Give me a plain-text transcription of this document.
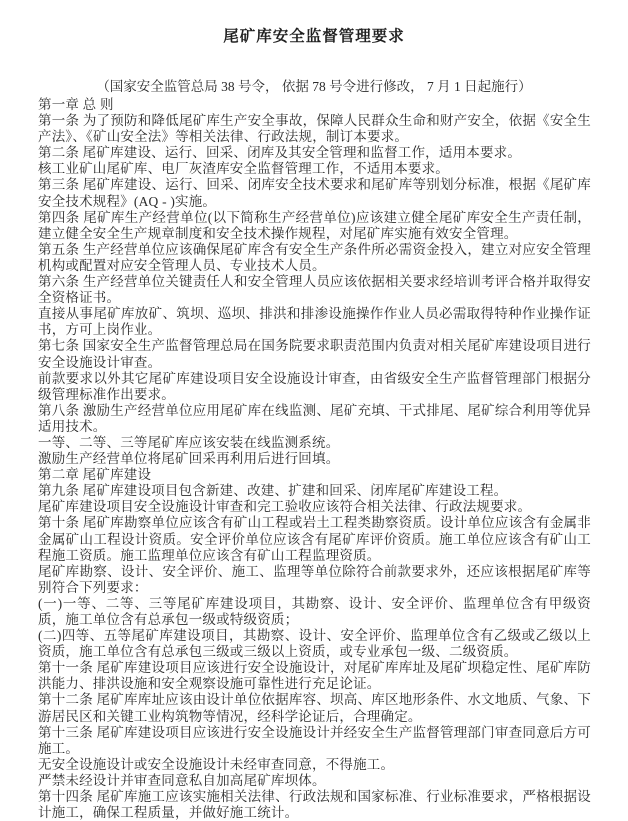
尾矿库安全监督管理要求
（国家安全监管总局 38 号令， 依据 78 号令进行修改， 7 月 1 日起施行）

第一章 总 则

第一条 为了预防和降低尾矿库生产安全事故，保障人民群众生命和财产安全，依据《安全生产法》、《矿山安全法》等相关法律、行政法规，制订本要求。

第二条 尾矿库建设、运行、回采、闭库及其安全管理和监督工作，适用本要求。

核工业矿山尾矿库、电厂灰渣库安全监督管理工作，不适用本要求。

第三条 尾矿库建设、运行、回采、闭库安全技术要求和尾矿库等别划分标准，根据《尾矿库安全技术规程》(AQ - )实施。

第四条 尾矿库生产经营单位(以下简称生产经营单位)应该建立健全尾矿库安全生产责任制，建立健全安全生产规章制度和安全技术操作规程，对尾矿库实施有效安全管理。

第五条 生产经营单位应该确保尾矿库含有安全生产条件所必需资金投入，建立对应安全管理机构或配置对应安全管理人员、专业技术人员。

第六条 生产经营单位关键责任人和安全管理人员应该依据相关要求经培训考评合格并取得安全资格证书。

直接从事尾矿库放矿、筑坝、巡坝、排洪和排渗设施操作作业人员必需取得特种作业操作证书，方可上岗作业。

第七条 国家安全生产监督管理总局在国务院要求职责范围内负责对相关尾矿库建设项目进行安全设施设计审查。

前款要求以外其它尾矿库建设项目安全设施设计审查，由省级安全生产监督管理部门根据分级管理标准作出要求。

第八条 激励生产经营单位应用尾矿库在线监测、尾矿充填、干式排尾、尾矿综合利用等优异适用技术。

一等、二等、三等尾矿库应该安装在线监测系统。

激励生产经营单位将尾矿回采再利用后进行回填。

第二章 尾矿库建设

第九条 尾矿库建设项目包含新建、改建、扩建和回采、闭库尾矿库建设工程。

尾矿库建设项目安全设施设计审查和完工验收应该符合相关法律、行政法规要求。

第十条 尾矿库勘察单位应该含有矿山工程或岩土工程类勘察资质。设计单位应该含有金属非金属矿山工程设计资质。安全评价单位应该含有尾矿库评价资质。施工单位应该含有矿山工程施工资质。施工监理单位应该含有矿山工程监理资质。

尾矿库勘察、设计、安全评价、施工、监理等单位除符合前款要求外，还应该根据尾矿库等别符合下列要求：

(一)一等、二等、三等尾矿库建设项目，其勘察、设计、安全评价、监理单位含有甲级资质，施工单位含有总承包一级或特级资质；

(二)四等、五等尾矿库建设项目，其勘察、设计、安全评价、监理单位含有乙级或乙级以上资质，施工单位含有总承包三级或三级以上资质，或专业承包一级、二级资质。

第十一条 尾矿库建设项目应该进行安全设施设计，对尾矿库库址及尾矿坝稳定性、尾矿库防洪能力、排洪设施和安全观察设施可靠性进行充足论证。

第十二条 尾矿库库址应该由设计单位依据库容、坝高、库区地形条件、水文地质、气象、下游居民区和关键工业构筑物等情况，经科学论证后，合理确定。

第十三条 尾矿库建设项目应该进行安全设施设计并经安全生产监督管理部门审查同意后方可施工。

无安全设施设计或安全设施设计未经审查同意，不得施工。

严禁未经设计并审查同意私自加高尾矿库坝体。

第十四条 尾矿库施工应该实施相关法律、行政法规和国家标准、行业标准要求，严格根据设计施工，确保工程质量，并做好施工统计。
